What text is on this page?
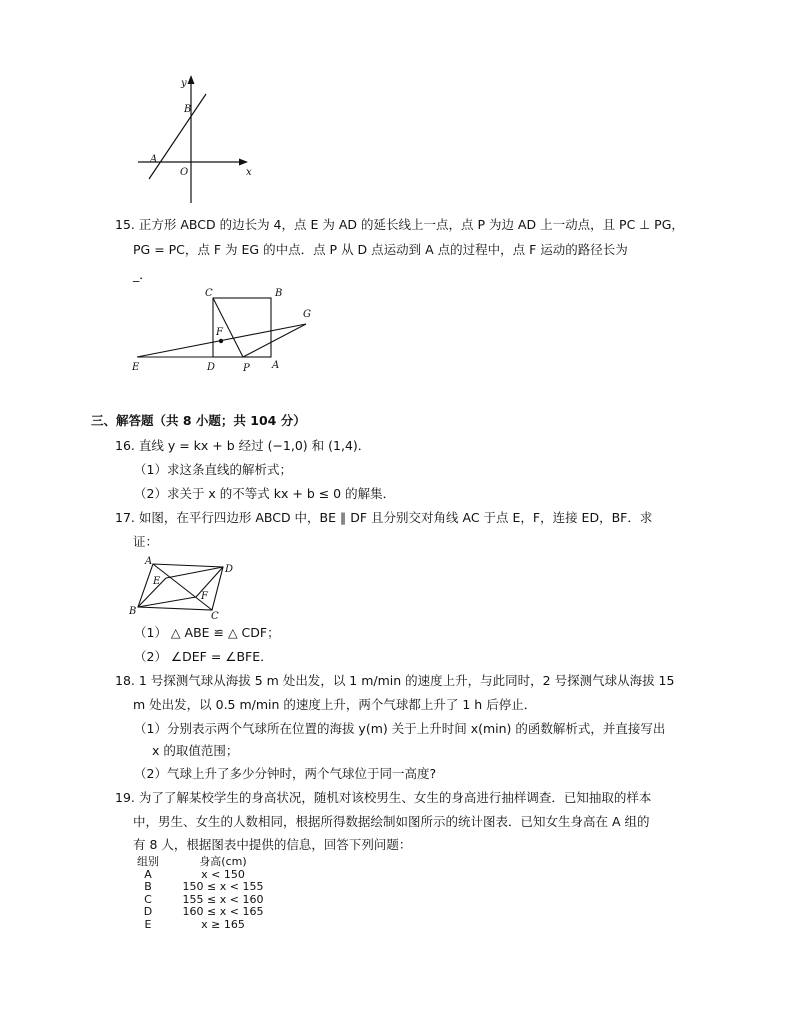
y
B
A
O	x
15. 正方形 ABCD 的边长为 4，点 E 为 AD 的延长线上一点，点 P 为边 AD 上一动点，且 PC ⊥ PG，
PG = PC，点 F 为 EG 的中点．点 P 从 D 点运动到 A 点的过程中，点 F 运动的路径长为
_．
C	B
G
F
E	D	P A
三、解答题（共 8 小题；共 104 分）
16. 直线 y = kx + b 经过 (−1,0) 和 (1,4)．
（1）求这条直线的解析式；
（2）求关于 x 的不等式 kx + b ≤ 0 的解集．
17. 如图，在平行四边形 ABCD 中，BE ∥ DF 且分别交对角线 AC 于点 E，F，连接 ED，BF．求
证：
A
D
E
F
B	C
（1） △ ABE ≌ △ CDF；
（2） ∠DEF = ∠BFE．
18. 1 号探测气球从海拔 5 m 处出发，以 1 m/min 的速度上升，与此同时，2 号探测气球从海拔 15
m 处出发，以 0.5 m/min 的速度上升，两个气球都上升了 1 h 后停止．
（1）分别表示两个气球所在位置的海拔 y(m) 关于上升时间 x(min) 的函数解析式，并直接写出
x 的取值范围；
（2）气球上升了多少分钟时，两个气球位于同一高度?
19. 为了了解某校学生的身高状况，随机对该校男生、女生的身高进行抽样调查．已知抽取的样本
中，男生、女生的人数相同，根据所得数据绘制如图所示的统计图表．已知女生身高在 A 组的
有 8 人，根据图表中提供的信息，回答下列问题：
组别	身高(cm)
A	x < 150
B	150 ≤ x < 155
C	155 ≤ x < 160
D	160 ≤ x < 165
E	x ≥ 165
